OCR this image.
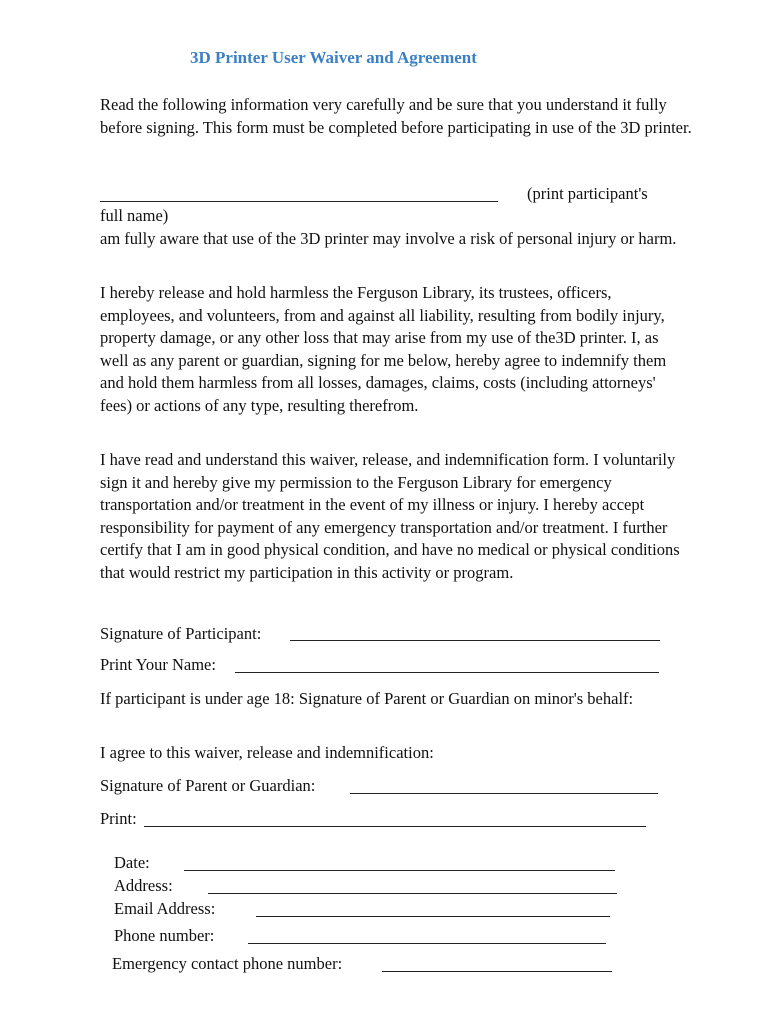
3D Printer User Waiver and Agreement
Read the following information very carefully and be sure that you understand it fully before signing. This form must be completed before participating in use of the 3D printer.
(print participant's
full name)
am fully aware that use of the 3D printer may involve a risk of personal injury or harm.
I hereby release and hold harmless the Ferguson Library, its trustees, officers, employees, and volunteers, from and against all liability, resulting from bodily injury, property damage, or any other loss that may arise from my use of the3D printer. I, as well as any parent or guardian, signing for me below, hereby agree to indemnify them and hold them harmless from all losses, damages, claims, costs (including attorneys' fees) or actions of any type, resulting therefrom.
I have read and understand this waiver, release, and indemnification form. I voluntarily sign it and hereby give my permission to the Ferguson Library for emergency transportation and/or treatment in the event of my illness or injury. I hereby accept responsibility for payment of any emergency transportation and/or treatment. I further certify that I am in good physical condition, and have no medical or physical conditions that would restrict my participation in this activity or program.
Signature of Participant:
Print Your Name:
If participant is under age 18: Signature of Parent or Guardian on minor's behalf:
I agree to this waiver, release and indemnification:
Signature of Parent or Guardian:
Print:
Date:
Address:
Email Address:
Phone number:
Emergency contact phone number:
